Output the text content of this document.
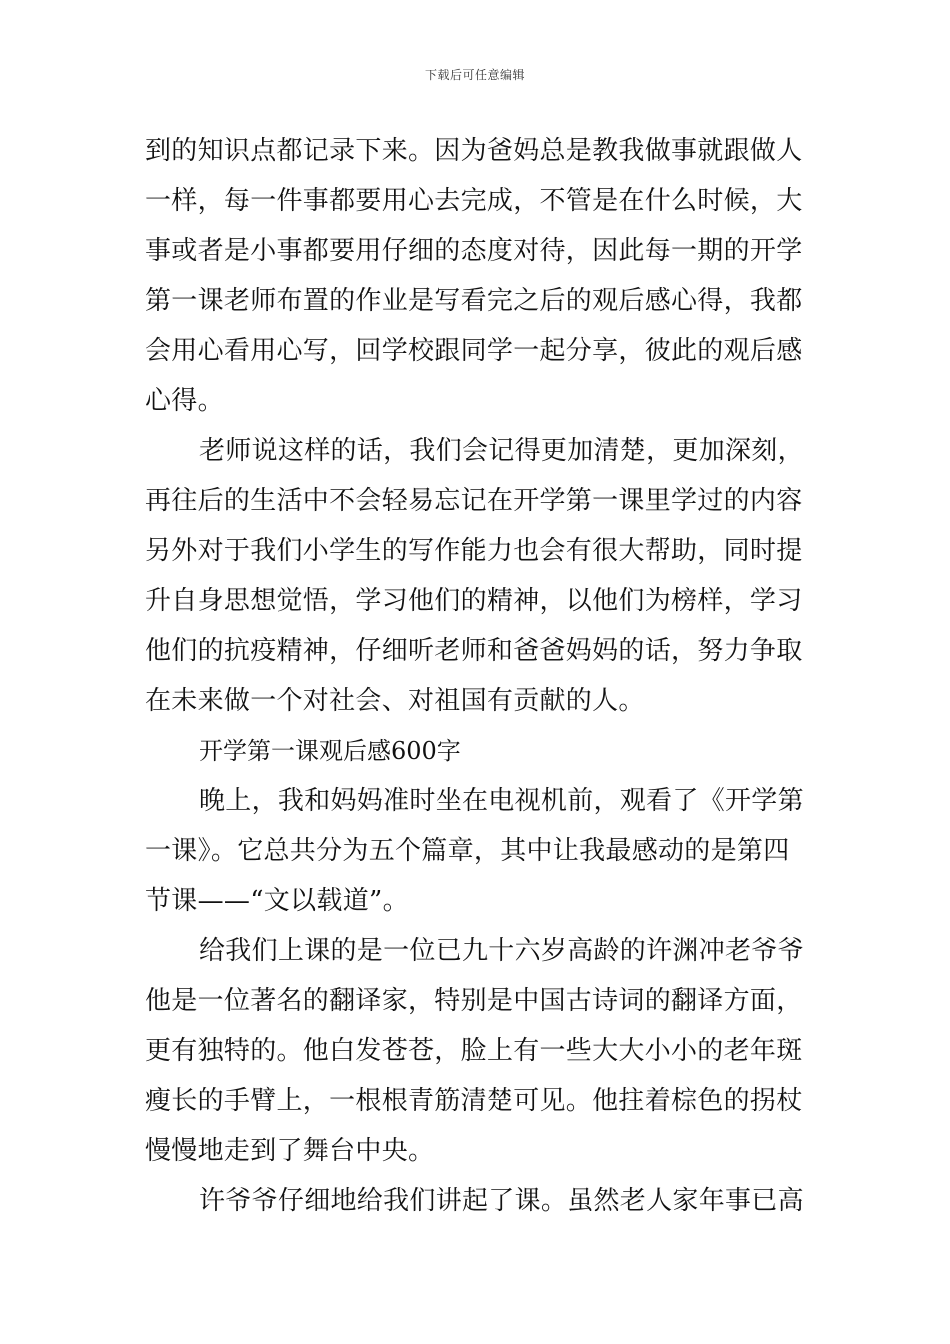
下载后可任意编辑
到的知识点都记录下来。因为爸妈总是教我做事就跟做人
一样，每一件事都要用心去完成，不管是在什么时候，大
事或者是小事都要用仔细的态度对待，因此每一期的开学
第一课老师布置的作业是写看完之后的观后感心得，我都
会用心看用心写，回学校跟同学一起分享，彼此的观后感
心得。
老师说这样的话，我们会记得更加清楚，更加深刻，
再往后的生活中不会轻易忘记在开学第一课里学过的内容
另外对于我们小学生的写作能力也会有很大帮助，同时提
升自身思想觉悟，学习他们的精神，以他们为榜样，学习
他们的抗疫精神，仔细听老师和爸爸妈妈的话，努力争取
在未来做一个对社会、对祖国有贡献的人。
开学第一课观后感600字
晚上，我和妈妈准时坐在电视机前，观看了《开学第
一课》。它总共分为五个篇章，其中让我最感动的是第四
节课——“文以载道”。
给我们上课的是一位已九十六岁高龄的许渊冲老爷爷
他是一位著名的翻译家，特别是中国古诗词的翻译方面，
更有独特的。他白发苍苍，脸上有一些大大小小的老年斑
瘦长的手臂上，一根根青筋清楚可见。他拄着棕色的拐杖
慢慢地走到了舞台中央。
许爷爷仔细地给我们讲起了课。虽然老人家年事已高
